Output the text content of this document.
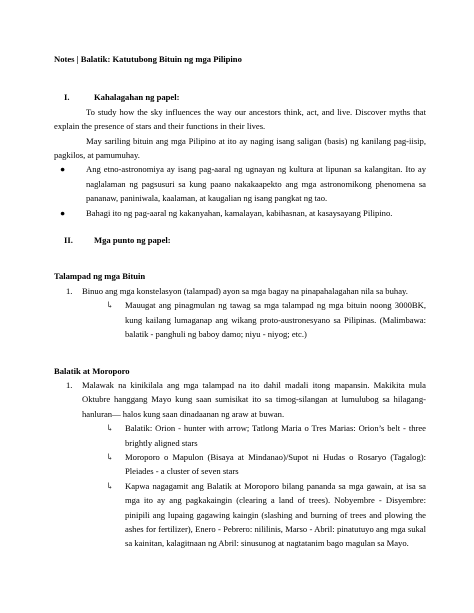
Notes | Balatik: Katutubong Bituin ng mga Pilipino

I.	Kahalagahan ng papel:

To study how the sky influences the way our ancestors think, act, and live. Discover myths that explain the presence of stars and their functions in their lives.

May sariling bituin ang mga Pilipino at ito ay naging isang saligan (basis) ng kanilang pag-iisip, pagkilos, at pamumuhay.

●	Ang etno-astronomiya ay isang pag-aaral ng ugnayan ng kultura at lipunan sa kalangitan. Ito ay naglalaman ng pagsusuri sa kung paano nakakaapekto ang mga astronomikong phenomena sa pananaw, paniniwala, kaalaman, at kaugalian ng isang pangkat ng tao.
●	Bahagi ito ng pag-aaral ng kakanyahan, kamalayan, kabihasnan, at kasaysayang Pilipino.
II.	Mga punto ng papel:

Talampad ng mga Bituin

1.	Binuo ang mga konstelasyon (talampad) ayon sa mga bagay na pinapahalagahan nila sa buhay.
↳	Mauugat ang pinagmulan ng tawag sa mga talampad ng mga bituin noong 3000BK, kung kailang lumaganap ang wikang proto-austronesyano sa Pilipinas. (Malimbawa: balatik - panghuli ng baboy damo; niyu - niyog; etc.)

Balatik at Moroporo

1.	Malawak na kinikilala ang mga talampad na ito dahil madali itong mapansin. Makikita mula Oktubre hanggang Mayo kung saan sumisikat ito sa timog-silangan at lumulubog sa hilagang-hanluran— halos kung saan dinadaanan ng araw at buwan.
↳	Balatik: Orion - hunter with arrow; Tatlong Maria o Tres Marias: Orion’s belt - three brightly aligned stars
↳	Moroporo o Mapulon (Bisaya at Mindanao)/Supot ni Hudas o Rosaryo (Tagalog): Pleiades - a cluster of seven stars
↳	Kapwa nagagamit ang Balatik at Moroporo bilang pananda sa mga gawain, at isa sa mga ito ay ang pagkakaingin (clearing a land of trees). Nobyembre - Disyembre: pinipili ang lupaing gagawing kaingin (slashing and burning of trees and plowing the ashes for fertilizer), Enero - Pebrero: nililinis, Marso - Abril: pinatutuyo ang mga sukal sa kainitan, kalagitnaan ng Abril: sinusunog at nagtatanim bago magulan sa Mayo.
